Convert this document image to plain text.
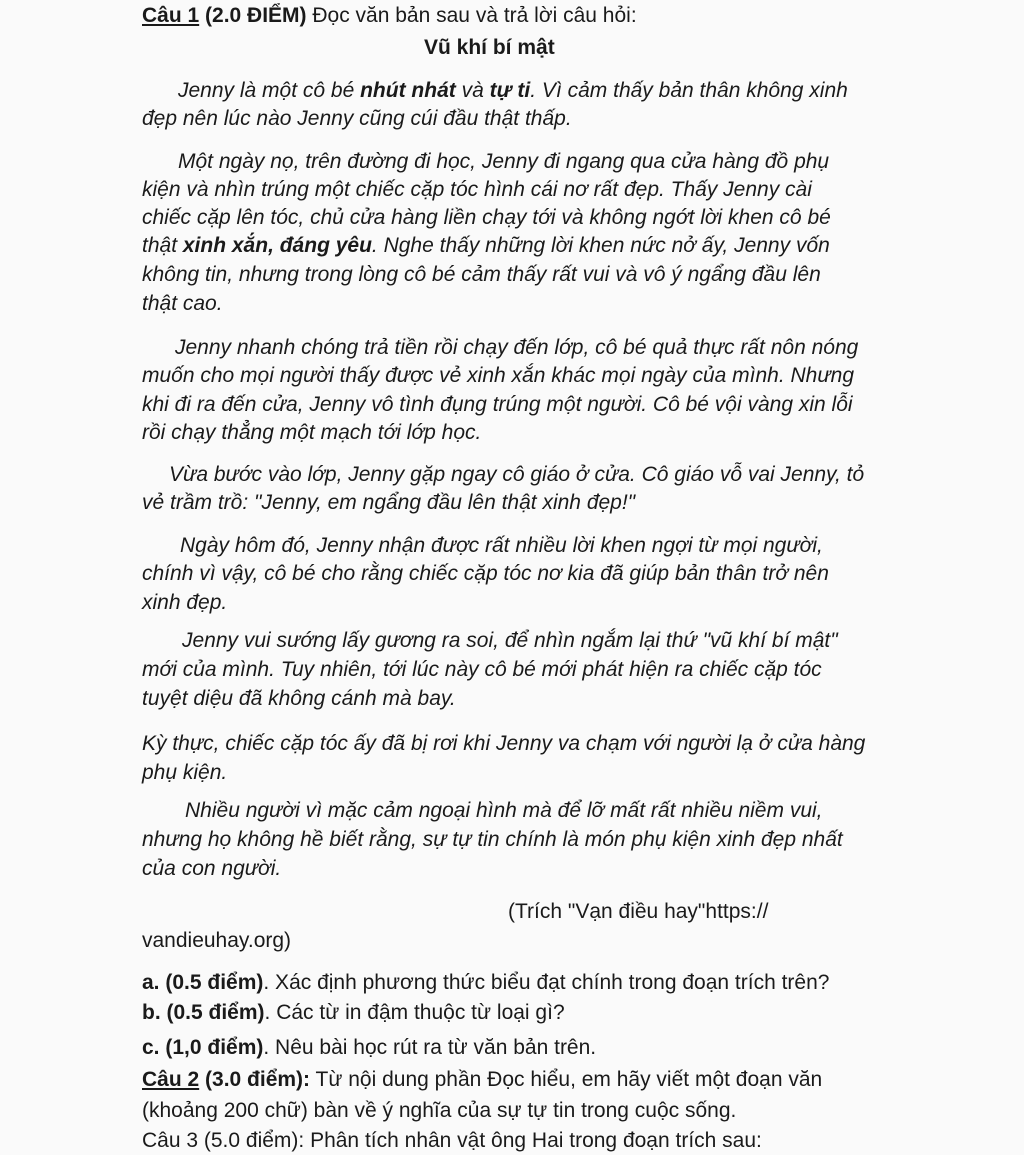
Câu 1 (2.0 ĐIỂM) Đọc văn bản sau và trả lời câu hỏi:
Vũ khí bí mật
Jenny là một cô bé nhút nhát và tự ti. Vì cảm thấy bản thân không xinh
đẹp nên lúc nào Jenny cũng cúi đầu thật thấp.
Một ngày nọ, trên đường đi học, Jenny đi ngang qua cửa hàng đồ phụ
kiện và nhìn trúng một chiếc cặp tóc hình cái nơ rất đẹp. Thấy Jenny cài
chiếc cặp lên tóc, chủ cửa hàng liền chạy tới và không ngớt lời khen cô bé
thật xinh xắn, đáng yêu. Nghe thấy những lời khen nức nở ấy, Jenny vốn
không tin, nhưng trong lòng cô bé cảm thấy rất vui và vô ý ngẩng đầu lên
thật cao.
Jenny nhanh chóng trả tiền rồi chạy đến lớp, cô bé quả thực rất nôn nóng
muốn cho mọi người thấy được vẻ xinh xắn khác mọi ngày của mình. Nhưng
khi đi ra đến cửa, Jenny vô tình đụng trúng một người. Cô bé vội vàng xin lỗi
rồi chạy thẳng một mạch tới lớp học.
Vừa bước vào lớp, Jenny gặp ngay cô giáo ở cửa. Cô giáo vỗ vai Jenny, tỏ
vẻ trầm trồ: "Jenny, em ngẩng đầu lên thật xinh đẹp!"
Ngày hôm đó, Jenny nhận được rất nhiều lời khen ngợi từ mọi người,
chính vì vậy, cô bé cho rằng chiếc cặp tóc nơ kia đã giúp bản thân trở nên
xinh đẹp.
Jenny vui sướng lấy gương ra soi, để nhìn ngắm lại thứ "vũ khí bí mật"
mới của mình. Tuy nhiên, tới lúc này cô bé mới phát hiện ra chiếc cặp tóc
tuyệt diệu đã không cánh mà bay.
Kỳ thực, chiếc cặp tóc ấy đã bị rơi khi Jenny va chạm với người lạ ở cửa hàng
phụ kiện.
Nhiều người vì mặc cảm ngoại hình mà để lỡ mất rất nhiều niềm vui,
nhưng họ không hề biết rằng, sự tự tin chính là món phụ kiện xinh đẹp nhất
của con người.
(Trích "Vạn điều hay"https://
vandieuhay.org)
a. (0.5 điểm). Xác định phương thức biểu đạt chính trong đoạn trích trên?
b. (0.5 điểm). Các từ in đậm thuộc từ loại gì?
c. (1,0 điểm). Nêu bài học rút ra từ văn bản trên.
Câu 2 (3.0 điểm): Từ nội dung phần Đọc hiểu, em hãy viết một đoạn văn
(khoảng 200 chữ) bàn về ý nghĩa của sự tự tin trong cuộc sống.
Câu 3 (5.0 điểm): Phân tích nhân vật ông Hai trong đoạn trích sau:
